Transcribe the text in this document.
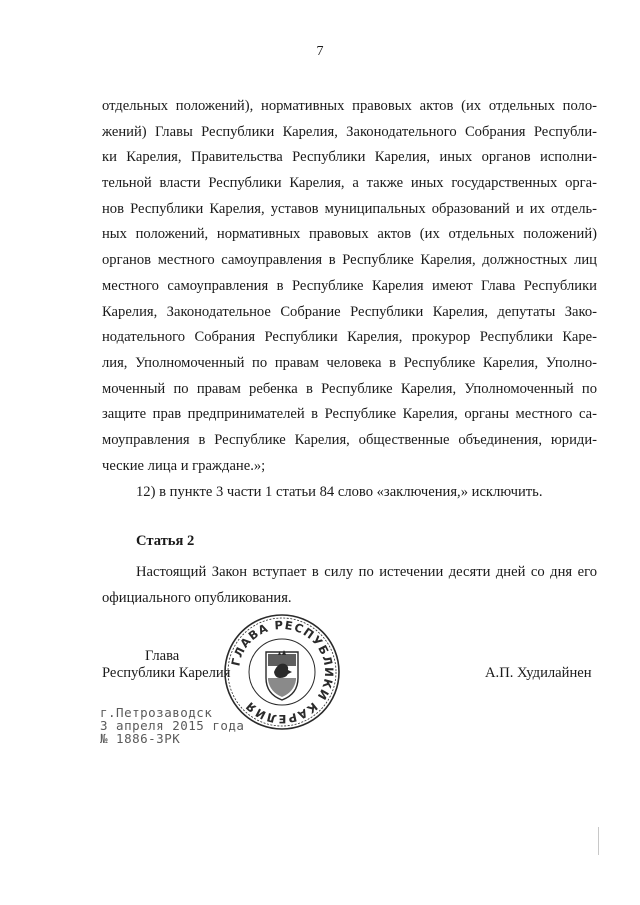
7
отдельных положений), нормативных правовых актов (их отдельных поло-
жений) Главы Республики Карелия, Законодательного Собрания Республи-
ки Карелия, Правительства Республики Карелия, иных органов исполни-
тельной власти Республики Карелия, а также иных государственных орга-
нов Республики Карелия, уставов муниципальных образований и их отдель-
ных положений, нормативных правовых актов (их отдельных положений)
органов местного самоуправления в Республике Карелия, должностных лиц
местного самоуправления в Республике Карелия имеют Глава Республики
Карелия, Законодательное Собрание Республики Карелия, депутаты Зако-
нодательного Собрания Республики Карелия, прокурор Республики Каре-
лия, Уполномоченный по правам человека в Республике Карелия, Уполно-
моченный по правам ребенка в Республике Карелия, Уполномоченный по
защите прав предпринимателей в Республике Карелия, органы местного са-
моуправления в Республике Карелия, общественные объединения, юриди-
ческие лица и граждане.»;
12) в пункте 3 части 1 статьи 84 слово «заключения,» исключить.
Статья 2
Настоящий Закон вступает в силу по истечении десяти дней со дня его
официального опубликования.
Глава
Республики Карелия	А.П. Худилайнен
ГЛАВА РЕСПУБЛИКИ КАРЕЛИЯ
г.Петрозаводск
3 апреля 2015 года
№ 1886-ЗРК
